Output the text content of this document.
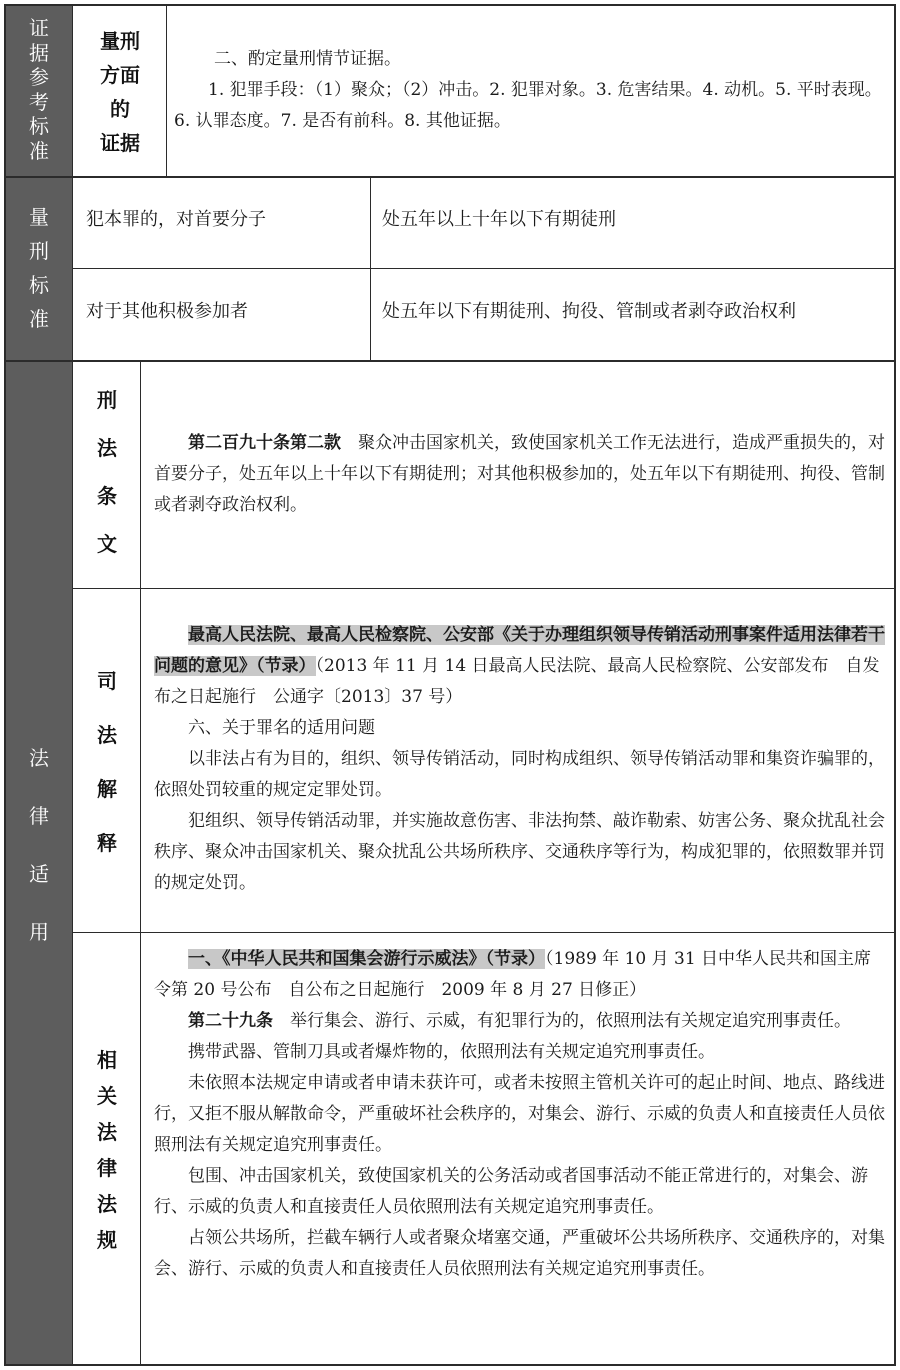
证
据
参
考
标
准
量刑
方面
的
证据

二、酌定量刑情节证据。

1. 犯罪手段：（1）聚众；（2）冲击。2. 犯罪对象。3. 危害结果。4. 动机。5. 平时表现。6. 认罪态度。7. 是否有前科。8. 其他证据。

量
刑
标
准
犯本罪的，对首要分子	处五年以上十年以下有期徒刑
对于其他积极参加者	处五年以下有期徒刑、拘役、管制或者剥夺政治权利
法

律

适

用
刑

法

条

文

第二百九十条第二款　 聚众冲击国家机关，致使国家机关工作无法进行，造成严重损失的，对首要分子，处五年以上十年以下有期徒刑；对其他积极参加的，处五年以下有期徒刑、拘役、管制或者剥夺政治权利。

司

法

解

释

最高人民法院、最高人民检察院、公安部《关于办理组织领导传销活动刑事案件适用法律若干问题的意见》（节录）（2013 年 11 月 14 日最高人民法院、最高人民检察院、公安部发布　自发布之日起施行　公通字〔2013〕37 号）

六、关于罪名的适用问题

以非法占有为目的，组织、领导传销活动，同时构成组织、领导传销活动罪和集资诈骗罪的，依照处罚较重的规定定罪处罚。

犯组织、领导传销活动罪，并实施故意伤害、非法拘禁、敲诈勒索、妨害公务、聚众扰乱社会秩序、聚众冲击国家机关、聚众扰乱公共场所秩序、交通秩序等行为，构成犯罪的，依照数罪并罚的规定处罚。

相
关
法
律
法
规

一、《中华人民共和国集会游行示威法》（节录）（1989 年 10 月 31 日中华人民共和国主席令第 20 号公布　自公布之日起施行　2009 年 8 月 27 日修正）

第二十九条　 举行集会、游行、示威，有犯罪行为的，依照刑法有关规定追究刑事责任。

携带武器、管制刀具或者爆炸物的，依照刑法有关规定追究刑事责任。

未依照本法规定申请或者申请未获许可，或者未按照主管机关许可的起止时间、地点、路线进行，又拒不服从解散命令，严重破坏社会秩序的，对集会、游行、示威的负责人和直接责任人员依照刑法有关规定追究刑事责任。

包围、冲击国家机关，致使国家机关的公务活动或者国事活动不能正常进行的，对集会、游行、示威的负责人和直接责任人员依照刑法有关规定追究刑事责任。

占领公共场所，拦截车辆行人或者聚众堵塞交通，严重破坏公共场所秩序、交通秩序的，对集会、游行、示威的负责人和直接责任人员依照刑法有关规定追究刑事责任。
